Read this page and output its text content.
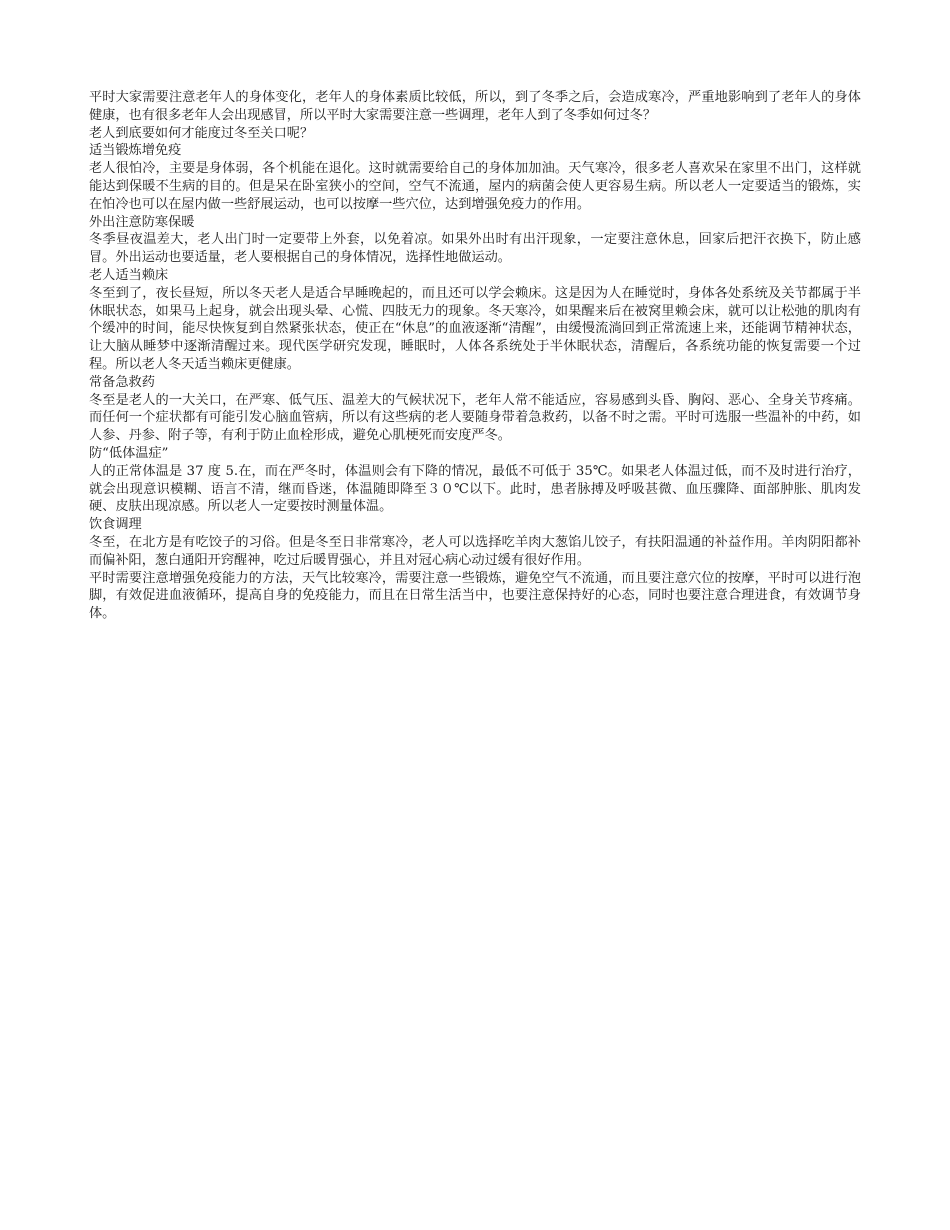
平时大家需要注意老年人的身体变化，老年人的身体素质比较低，所以，到了冬季之后，会造成寒冷，严重地影响到了老年人的身体健康，也有很多老年人会出现感冒，所以平时大家需要注意一些调理，老年人到了冬季如何过冬？

老人到底要如何才能度过冬至关口呢？

适当锻炼增免疫

老人很怕冷，主要是身体弱，各个机能在退化。这时就需要给自己的身体加加油。天气寒冷，很多老人喜欢呆在家里不出门，这样就能达到保暖不生病的目的。但是呆在卧室狭小的空间，空气不流通，屋内的病菌会使人更容易生病。所以老人一定要适当的锻炼，实在怕冷也可以在屋内做一些舒展运动，也可以按摩一些穴位，达到增强免疫力的作用。

外出注意防寒保暖

冬季昼夜温差大，老人出门时一定要带上外套，以免着凉。如果外出时有出汗现象，一定要注意休息，回家后把汗衣换下，防止感冒。外出运动也要适量，老人要根据自己的身体情况，选择性地做运动。

老人适当赖床

冬至到了，夜长昼短，所以冬天老人是适合早睡晚起的，而且还可以学会赖床。这是因为人在睡觉时，身体各处系统及关节都属于半休眠状态，如果马上起身，就会出现头晕、心慌、四肢无力的现象。冬天寒冷，如果醒来后在被窝里赖会床，就可以让松弛的肌肉有个缓冲的时间，能尽快恢复到自然紧张状态，使正在“休息”的血液逐渐“清醒”，由缓慢流淌回到正常流速上来，还能调节精神状态，让大脑从睡梦中逐渐清醒过来。现代医学研究发现，睡眠时，人体各系统处于半休眠状态，清醒后，各系统功能的恢复需要一个过程。所以老人冬天适当赖床更健康。

常备急救药

冬至是老人的一大关口，在严寒、低气压、温差大的气候状况下，老年人常不能适应，容易感到头昏、胸闷、恶心、全身关节疼痛。而任何一个症状都有可能引发心脑血管病，所以有这些病的老人要随身带着急救药，以备不时之需。平时可选服一些温补的中药，如人参、丹参、附子等，有利于防止血栓形成，避免心肌梗死而安度严冬。

防“低体温症”

人的正常体温是 37 度 5.在，而在严冬时，体温则会有下降的情况，最低不可低于 35℃。如果老人体温过低，而不及时进行治疗，就会出现意识模糊、语言不清，继而昏迷，体温随即降至３０℃以下。此时，患者脉搏及呼吸甚微、血压骤降、面部肿胀、肌肉发硬、皮肤出现凉感。所以老人一定要按时测量体温。

饮食调理

冬至，在北方是有吃饺子的习俗。但是冬至日非常寒冷，老人可以选择吃羊肉大葱馅儿饺子，有扶阳温通的补益作用。羊肉阴阳都补而偏补阳，葱白通阳开窍醒神，吃过后暖胃强心，并且对冠心病心动过缓有很好作用。

平时需要注意增强免疫能力的方法，天气比较寒冷，需要注意一些锻炼，避免空气不流通，而且要注意穴位的按摩，平时可以进行泡脚，有效促进血液循环，提高自身的免疫能力，而且在日常生活当中，也要注意保持好的心态，同时也要注意合理进食，有效调节身体。
